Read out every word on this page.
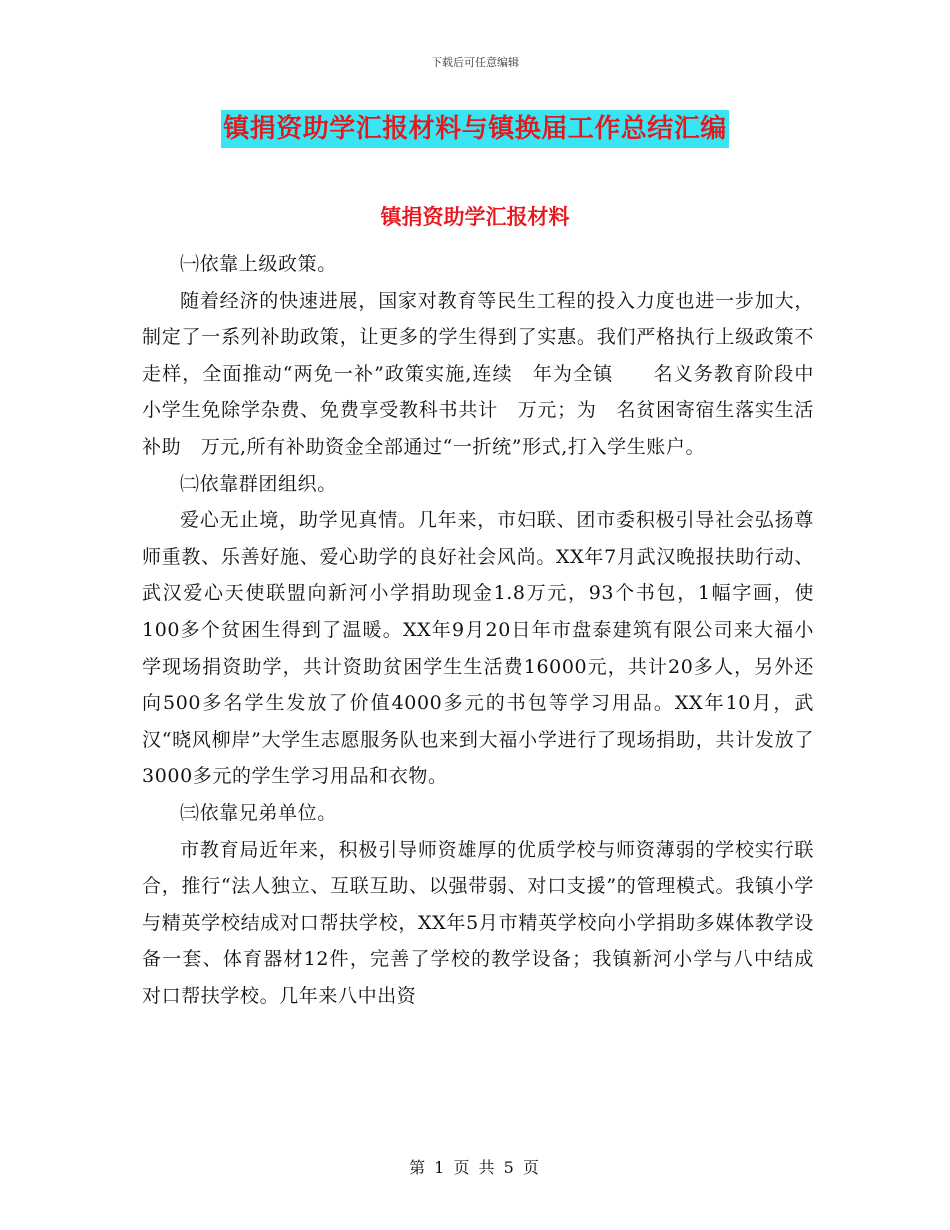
下载后可任意编辑
镇捐资助学汇报材料与镇换届工作总结汇编
镇捐资助学汇报材料

㈠依靠上级政策。

随着经济的快速进展，国家对教育等民生工程的投入力度也进一步加大，制定了一系列补助政策，让更多的学生得到了实惠。我们严格执行上级政策不走样，全面推动“两免一补”政策实施,连续　年为全镇　　名义务教育阶段中小学生免除学杂费、免费享受教科书共计　万元；为　名贫困寄宿生落实生活补助　万元,所有补助资金全部通过“一折统”形式,打入学生账户。

㈡依靠群团组织。

爱心无止境，助学见真情。几年来，市妇联、团市委积极引导社会弘扬尊师重教、乐善好施、爱心助学的良好社会风尚。XX年7月武汉晚报扶助行动、武汉爱心天使联盟向新河小学捐助现金1.8万元，93个书包，1幅字画，使100多个贫困生得到了温暖。XX年9月20日年市盘泰建筑有限公司来大福小学现场捐资助学，共计资助贫困学生生活费16000元，共计20多人，另外还向500多名学生发放了价值4000多元的书包等学习用品。XX年10月，武汉“晓风柳岸”大学生志愿服务队也来到大福小学进行了现场捐助，共计发放了3000多元的学生学习用品和衣物。

㈢依靠兄弟单位。

市教育局近年来，积极引导师资雄厚的优质学校与师资薄弱的学校实行联合，推行“法人独立、互联互助、以强带弱、对口支援”的管理模式。我镇小学与精英学校结成对口帮扶学校，XX年5月市精英学校向小学捐助多媒体教学设备一套、体育器材12件，完善了学校的教学设备；我镇新河小学与八中结成对口帮扶学校。几年来八中出资

第 1 页 共 5 页
